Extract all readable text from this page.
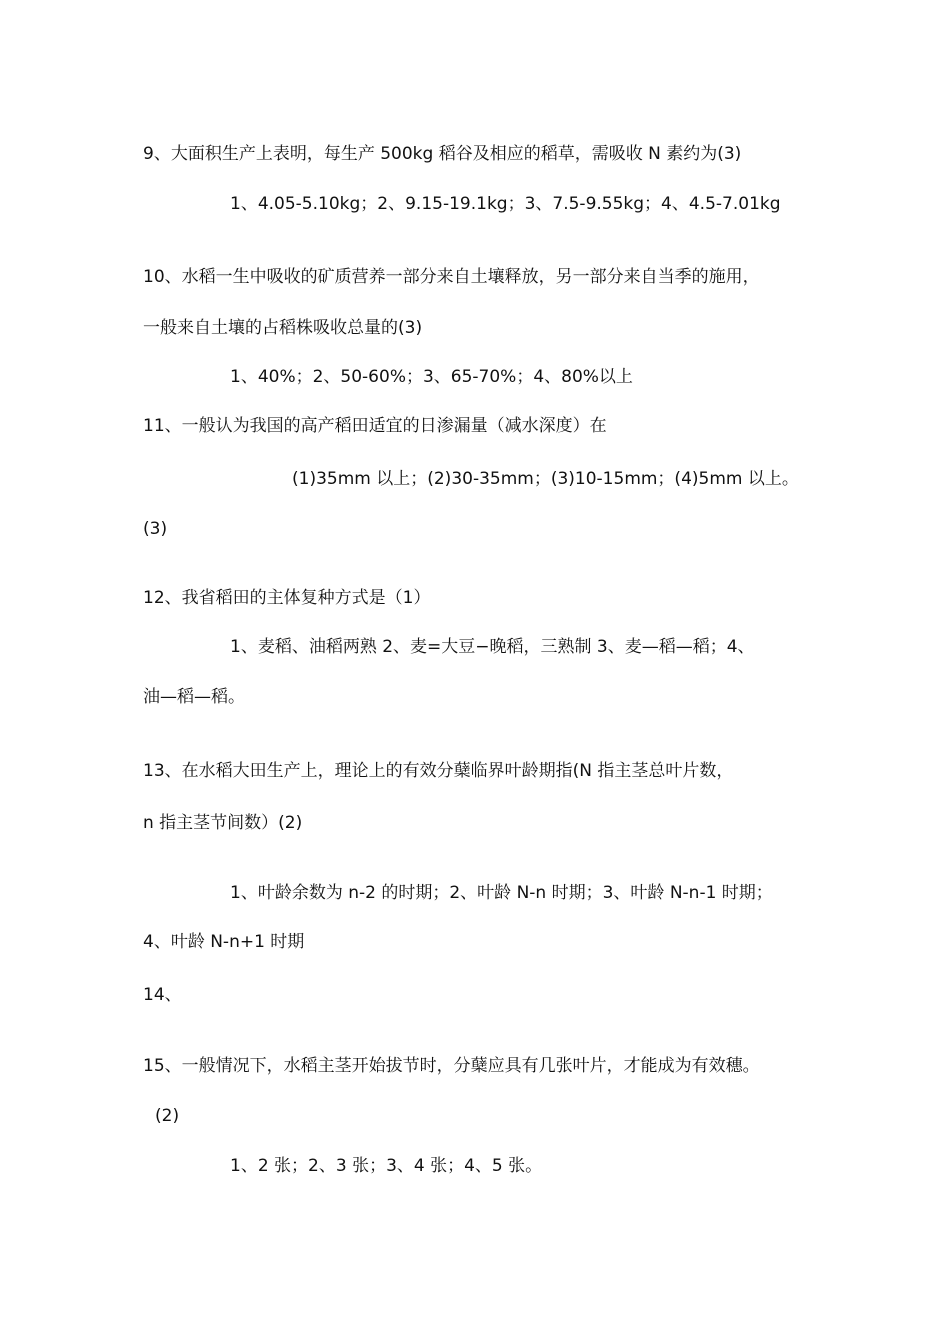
9、大面积生产上表明，每生产 500kg 稻谷及相应的稻草，需吸收 N 素约为(3)
1、4.05-5.10kg；2、9.15-19.1kg；3、7.5-9.55kg；4、4.5-7.01kg
10、水稻一生中吸收的矿质营养一部分来自土壤释放，另一部分来自当季的施用，
一般来自土壤的占稻株吸收总量的(3)
1、40%；2、50-60%；3、65-70%；4、80%以上
11、一般认为我国的高产稻田适宜的日渗漏量（减水深度）在
(1)35mm 以上；(2)30-35mm；(3)10-15mm；(4)5mm 以上。
(3)
12、我省稻田的主体复种方式是（1）
1、麦稻、油稻两熟 2、麦=大豆−晚稻，三熟制 3、麦—稻—稻；4、
油—稻—稻。
13、在水稻大田生产上，理论上的有效分蘖临界叶龄期指(N 指主茎总叶片数，
n 指主茎节间数）(2)
1、叶龄余数为 n-2 的时期；2、叶龄 N-n 时期；3、叶龄 N-n-1 时期；
4、叶龄 N-n+1 时期
14、
15、一般情况下，水稻主茎开始拔节时，分蘖应具有几张叶片，才能成为有效穗。
(2)
1、2 张；2、3 张；3、4 张；4、5 张。
